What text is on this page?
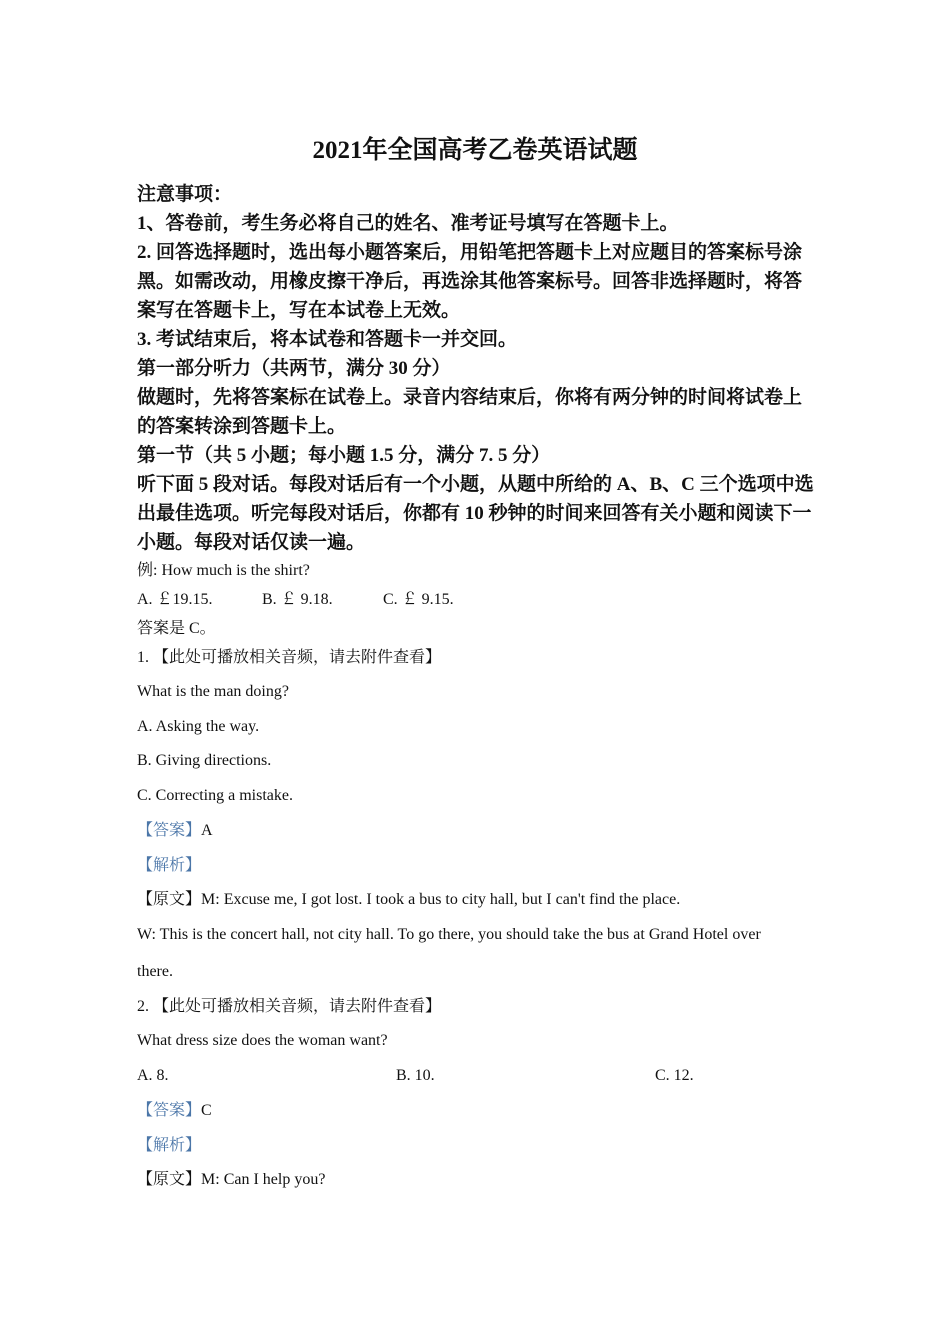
2021年全国高考乙卷英语试题
注意事项：
1、答卷前，考生务必将自己的姓名、准考证号填写在答题卡上。
2. 回答选择题时，选出每小题答案后，用铅笔把答题卡上对应题目的答案标号涂黑。如需改动，用橡皮擦干净后，再选涂其他答案标号。回答非选择题时，将答案写在答题卡上，写在本试卷上无效。
3. 考试结束后，将本试卷和答题卡一并交回。
第一部分听力（共两节，满分 30 分）
做题时，先将答案标在试卷上。录音内容结束后，你将有两分钟的时间将试卷上的答案转涂到答题卡上。
第一节（共 5 小题；每小题 1.5 分，满分 7. 5 分）
听下面 5 段对话。每段对话后有一个小题，从题中所给的 A、B、C 三个选项中选出最佳选项。听完每段对话后，你都有 10 秒钟的时间来回答有关小题和阅读下一小题。每段对话仅读一遍。
例: How much is the shirt?
A. ￡19.15.	B. ￡ 9.18.	C. ￡ 9.15.
答案是 C。
1. 【此处可播放相关音频，请去附件查看】
What is the man doing?
A. Asking the way.
B. Giving directions.
C. Correcting a mistake.
【答案】A
【解析】
【原文】M: Excuse me, I got lost. I took a bus to city hall, but I can't find the place.
W: This is the concert hall, not city hall. To go there, you should take the bus at Grand Hotel over
there.
2. 【此处可播放相关音频，请去附件查看】
What dress size does the woman want?
A. 8.	B. 10.	C. 12.
【答案】C
【解析】
【原文】M: Can I help you?
